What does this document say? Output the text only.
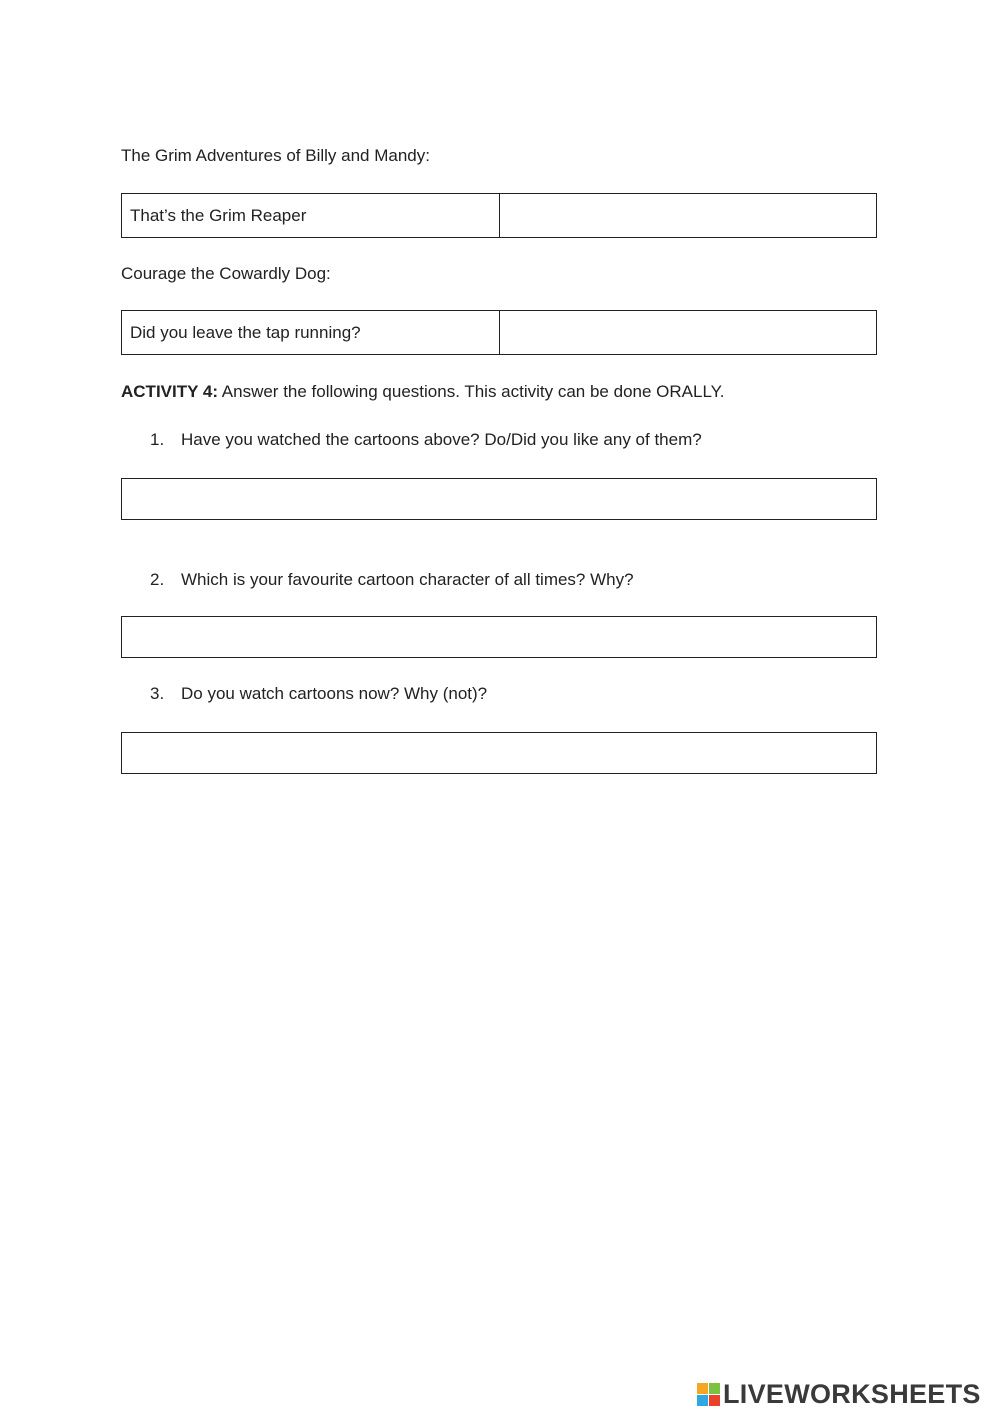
The Grim Adventures of Billy and Mandy:
That’s the Grim Reaper
Courage the Cowardly Dog:
Did you leave the tap running?
ACTIVITY 4: Answer the following questions. This activity can be done ORALLY.
1. Have you watched the cartoons above? Do/Did you like any of them?
2. Which is your favourite cartoon character of all times? Why?
3. Do you watch cartoons now? Why (not)?
LIVEWORKSHEETS
